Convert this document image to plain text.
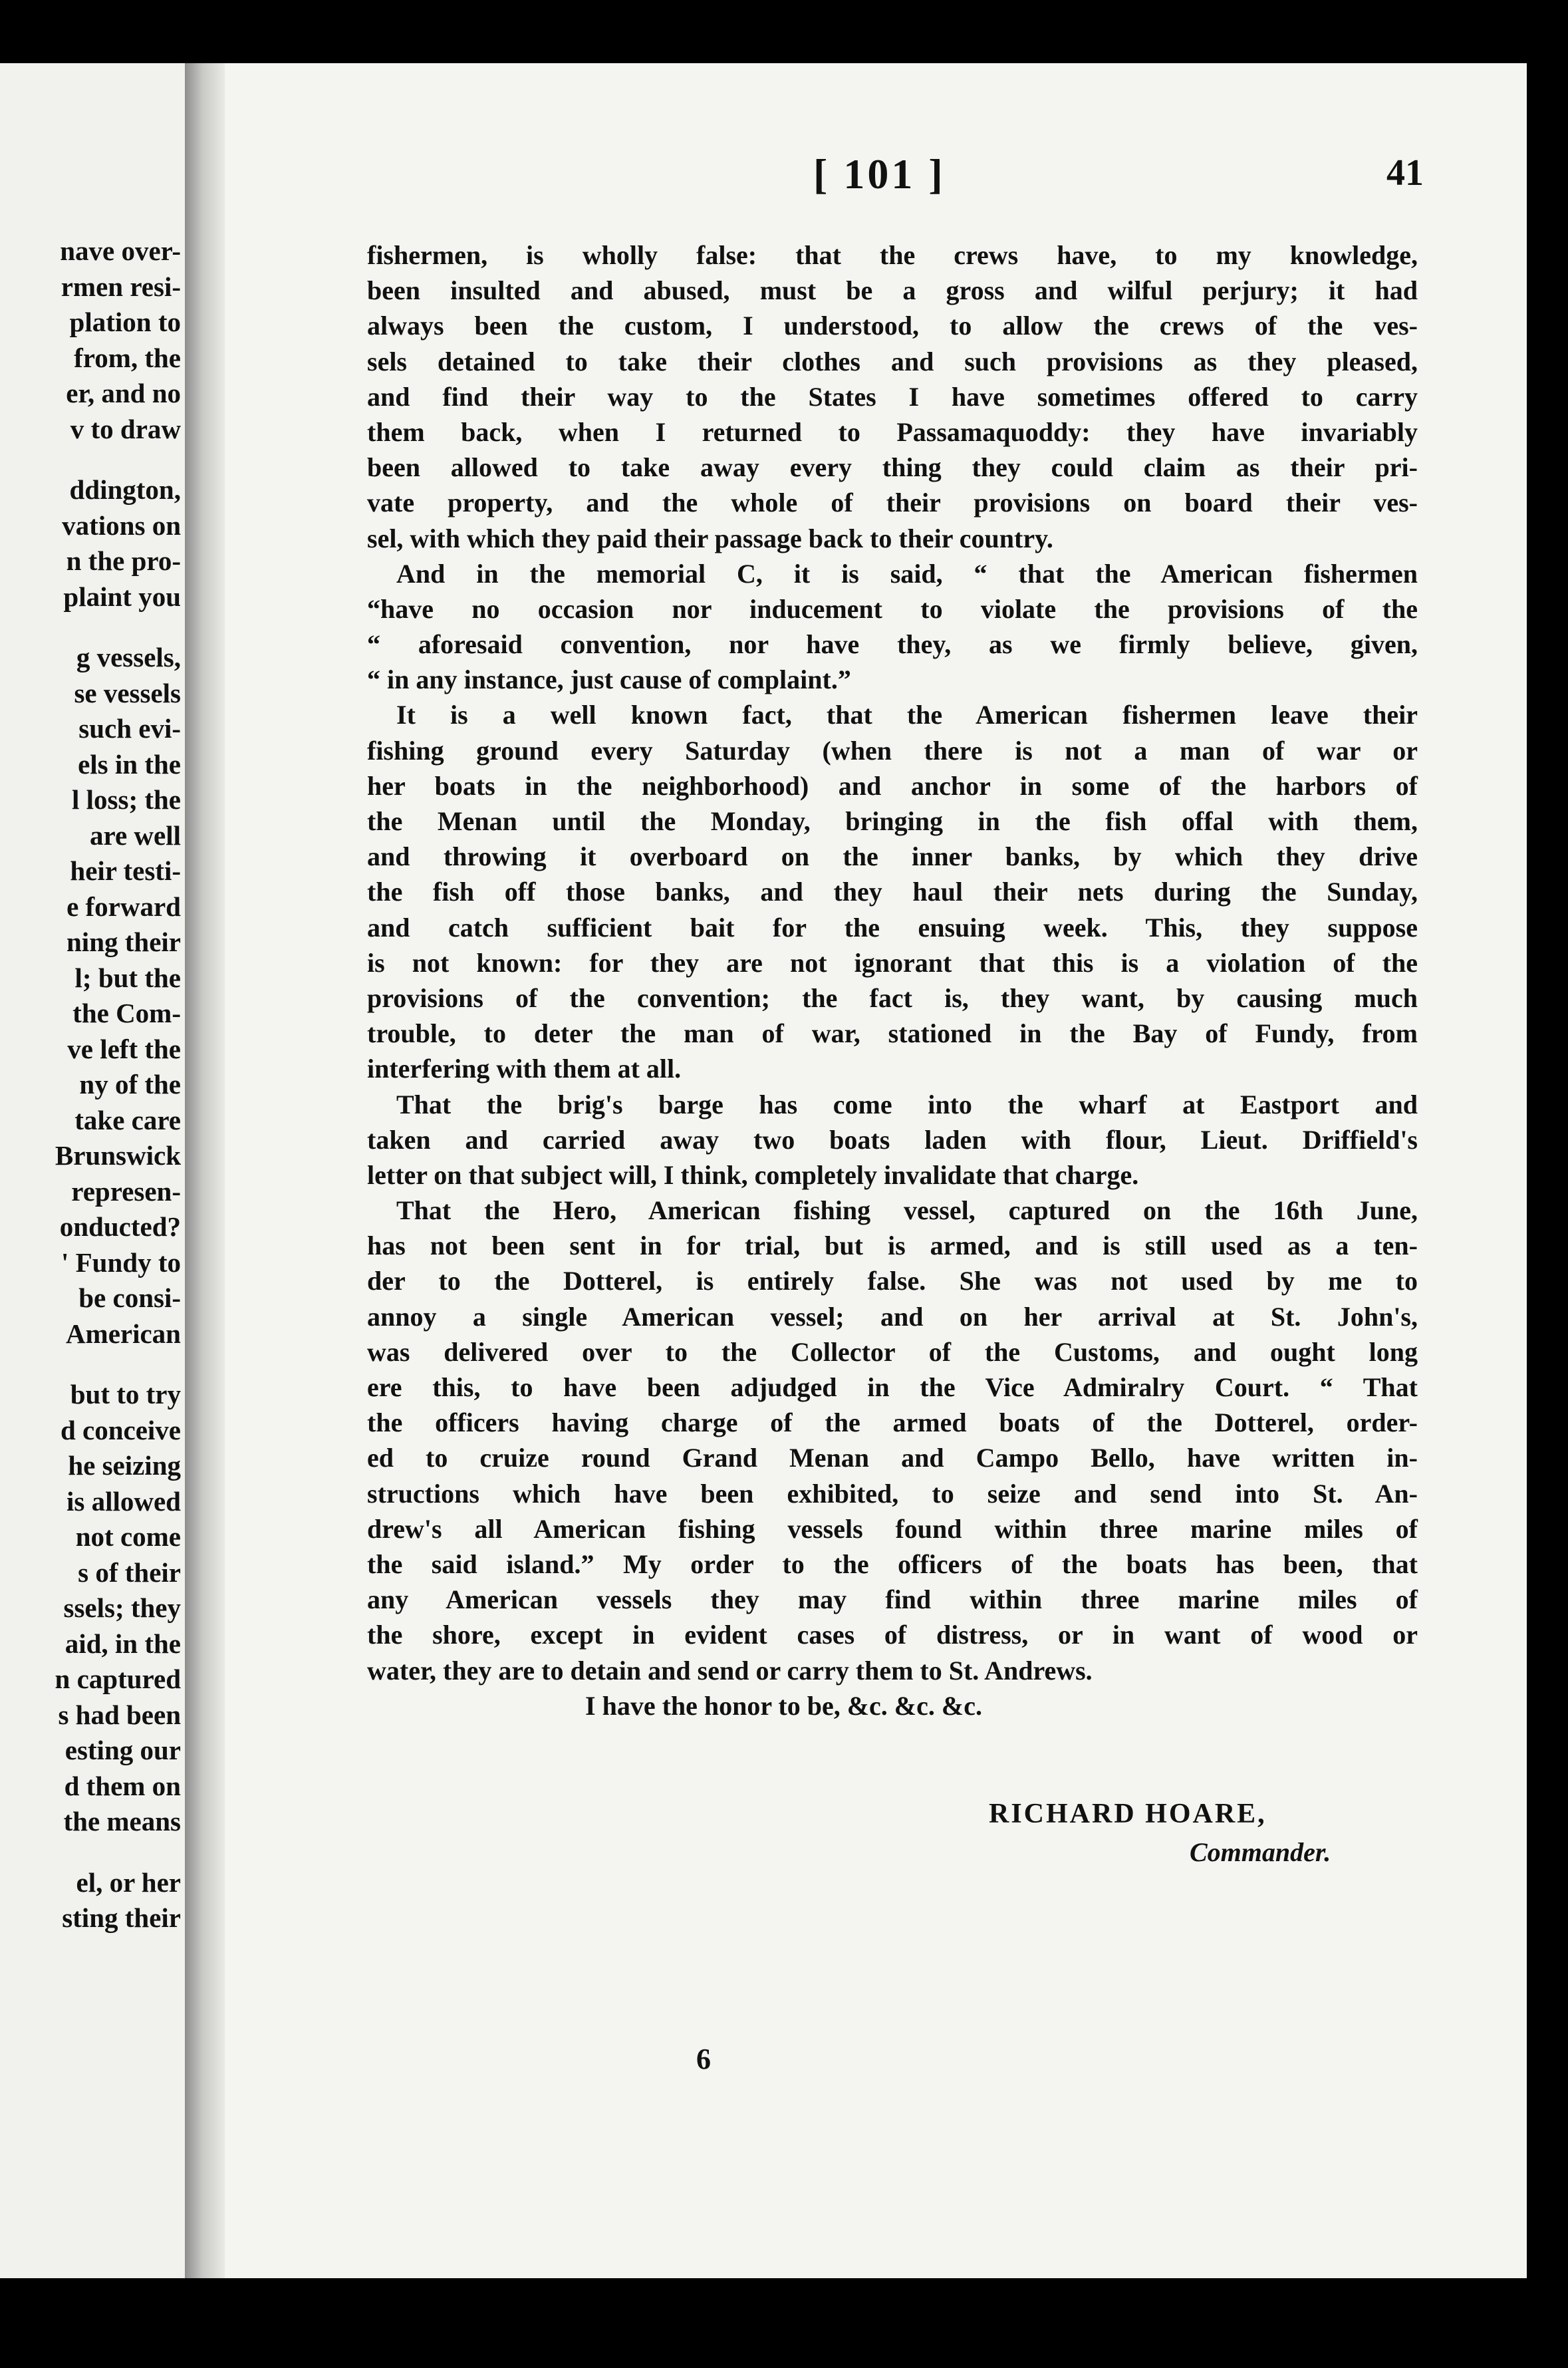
nave over-
rmen resi-
plation to
from, the
er, and no
v to draw
ddington,
vations on
n the pro-
plaint you
g vessels,
se vessels
such evi-
els in the
l loss; the
are well
heir testi-
e forward
ning their
l; but the
the Com-
ve left the
ny of the
take care
Brunswick
represen-
onducted?
' Fundy to
be consi-
American
but to try
d conceive
he seizing
is allowed
not come
s of their
ssels; they
aid, in the
n captured
s had been
esting our
d them on
the means
el, or her
sting their
[ 101 ]	41
fishermen, is wholly false: that the crews have, to my knowledge,
been insulted and abused, must be a gross and wilful perjury; it had
always been the custom, I understood, to allow the crews of the ves-
sels detained to take their clothes and such provisions as they pleased,
and find their way to the States I have sometimes offered to carry
them back, when I returned to Passamaquoddy: they have invariably
been allowed to take away every thing they could claim as their pri-
vate property, and the whole of their provisions on board their ves-
sel, with which they paid their passage back to their country.
And in the memorial C, it is said, “ that the American fishermen
“have no occasion nor inducement to violate the provisions of the
“ aforesaid convention, nor have they, as we firmly believe, given,
“ in any instance, just cause of complaint.”
It is a well known fact, that the American fishermen leave their
fishing ground every Saturday (when there is not a man of war or
her boats in the neighborhood) and anchor in some of the harbors of
the Menan until the Monday, bringing in the fish offal with them,
and throwing it overboard on the inner banks, by which they drive
the fish off those banks, and they haul their nets during the Sunday,
and catch sufficient bait for the ensuing week. This, they suppose
is not known: for they are not ignorant that this is a violation of the
provisions of the convention; the fact is, they want, by causing much
trouble, to deter the man of war, stationed in the Bay of Fundy, from
interfering with them at all.
That the brig's barge has come into the wharf at Eastport and
taken and carried away two boats laden with flour, Lieut. Driffield's
letter on that subject will, I think, completely invalidate that charge.
That the Hero, American fishing vessel, captured on the 16th June,
has not been sent in for trial, but is armed, and is still used as a ten-
der to the Dotterel, is entirely false. She was not used by me to
annoy a single American vessel; and on her arrival at St. John's,
was delivered over to the Collector of the Customs, and ought long
ere this, to have been adjudged in the Vice Admiralry Court. “ That
the officers having charge of the armed boats of the Dotterel, order-
ed to cruize round Grand Menan and Campo Bello, have written in-
structions which have been exhibited, to seize and send into St. An-
drew's all American fishing vessels found within three marine miles of
the said island.” My order to the officers of the boats has been, that
any American vessels they may find within three marine miles of
the shore, except in evident cases of distress, or in want of wood or
water, they are to detain and send or carry them to St. Andrews.
I have the honor to be, &c. &c. &c.
RICHARD HOARE,
Commander.
6
